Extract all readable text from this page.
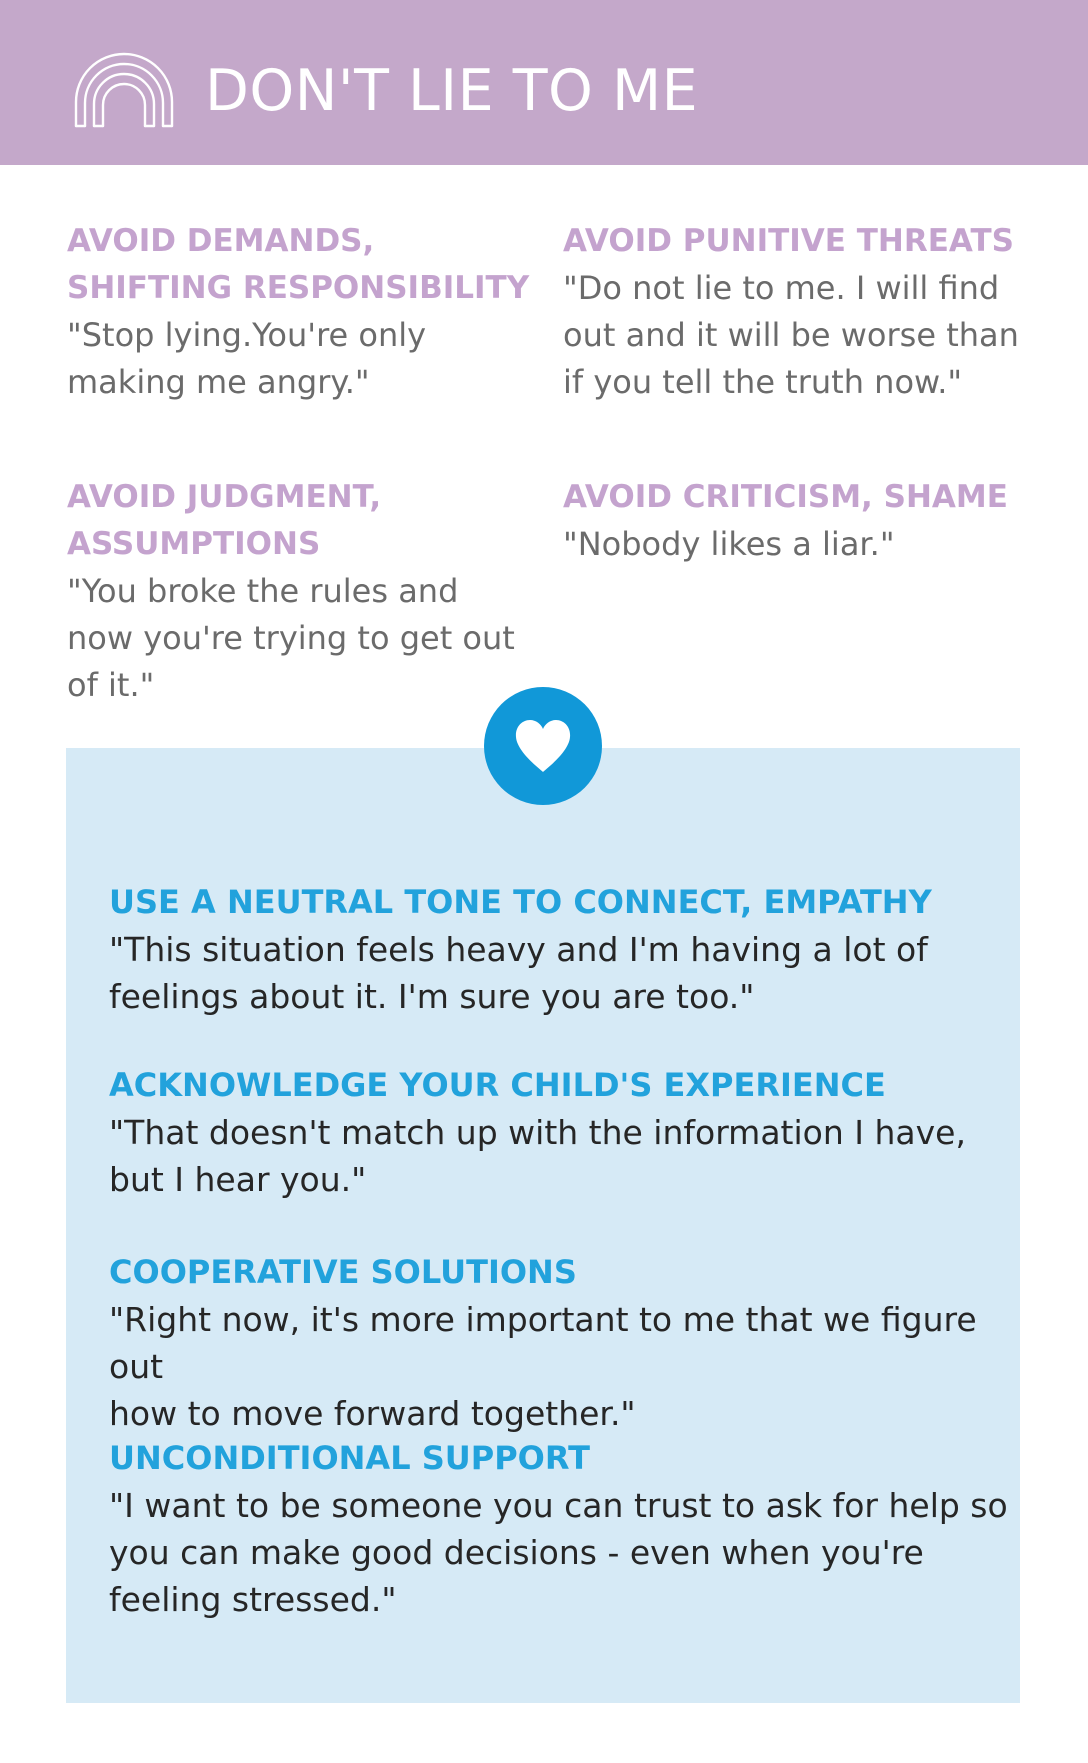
DON'T LIE TO ME
AVOID DEMANDS,
SHIFTING RESPONSIBILITY
"Stop lying.You're only
making me angry."
AVOID PUNITIVE THREATS
"Do not lie to me. I will find
out and it will be worse than
if you tell the truth now."
AVOID JUDGMENT,
ASSUMPTIONS
"You broke the rules and
now you're trying to get out
of it."
AVOID CRITICISM, SHAME
"Nobody likes a liar."
USE A NEUTRAL TONE TO CONNECT, EMPATHY
"This situation feels heavy and I'm having a lot of
feelings about it. I'm sure you are too."
ACKNOWLEDGE YOUR CHILD'S EXPERIENCE
"That doesn't match up with the information I have,
but I hear you."
COOPERATIVE SOLUTIONS
"Right now, it's more important to me that we figure out
how to move forward together."
UNCONDITIONAL SUPPORT
"I want to be someone you can trust to ask for help so
you can make good decisions - even when you're
feeling stressed."
